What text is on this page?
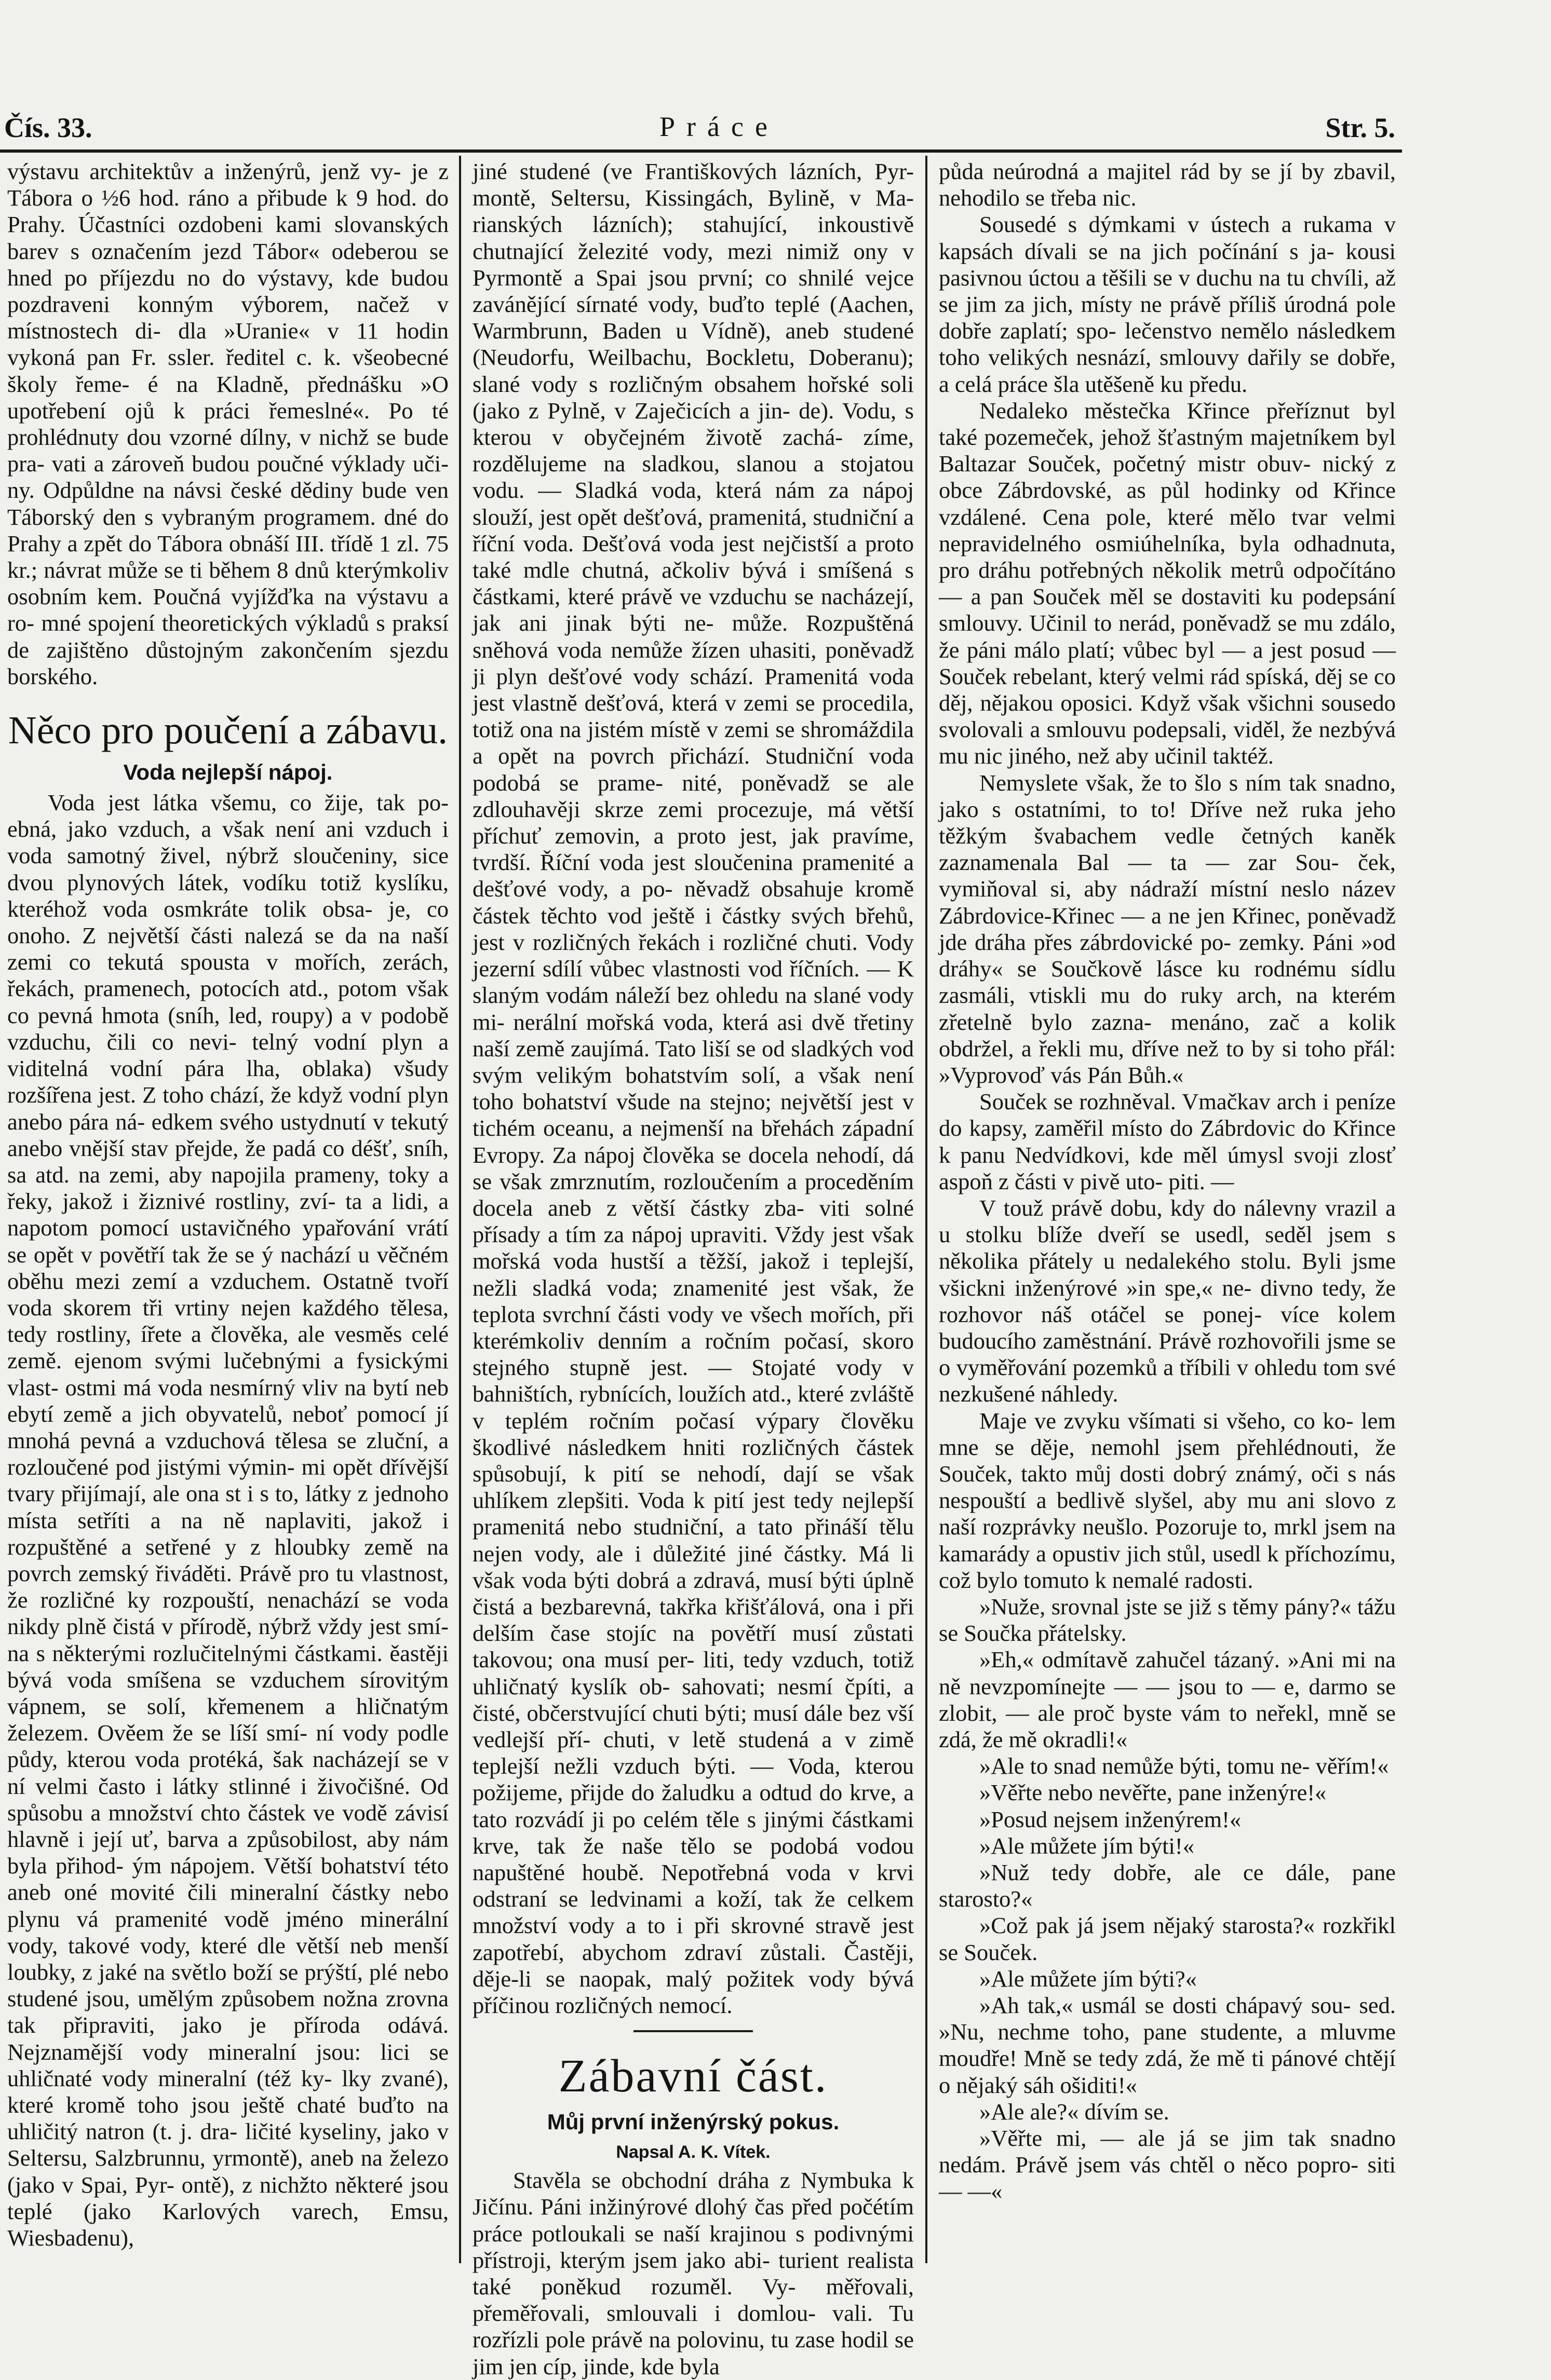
Čís. 33.	Práce	Str. 5.

výstavu architektův a inženýrů, jenž vy- je z Tábora o ½6 hod. ráno a přibude k 9 hod. do Prahy. Účastníci ozdobeni kami slovanských barev s označením jezd Tábor« odeberou se hned po příjezdu no do výstavy, kde budou pozdraveni konným výborem, načež v místnostech di- dla »Uranie« v 11 hodin vykoná pan Fr. ssler. ředitel c. k. všeobecné školy řeme- é na Kladně, přednášku »O upotřebení ojů k práci řemeslné«. Po té prohlédnuty dou vzorné dílny, v nichž se bude pra- vati a zároveň budou poučné výklady uči- ny. Odpůldne na návsi české dědiny bude ven Táborský den s vybraným programem. dné do Prahy a zpět do Tábora obnáší III. třídě 1 zl. 75 kr.; návrat může se ti během 8 dnů kterýmkoliv osobním kem. Poučná vyjížďka na výstavu a ro- mné spojení theoretických výkladů s praksí de zajištěno důstojným zakončením sjezdu borského.

Něco pro poučení a zábavu.
Voda nejlepší nápoj.

Voda jest látka všemu, co žije, tak po- ebná, jako vzduch, a však není ani vzduch i voda samotný živel, nýbrž sloučeniny, sice dvou plynových látek, vodíku totiž kyslíku, kteréhož voda osmkráte tolik obsa- je, co onoho. Z největší části nalezá se da na naší zemi co tekutá spousta v mořích, zerách, řekách, pramenech, potocích atd., potom však co pevná hmota (sníh, led, roupy) a v podobě vzduchu, čili co nevi- telný vodní plyn a viditelná vodní pára lha, oblaka) všudy rozšířena jest. Z toho chází, že když vodní plyn anebo pára ná- edkem svého ustydnutí v tekutý anebo vnější stav přejde, že padá co déšť, sníh, sa atd. na zemi, aby napojila prameny, toky a řeky, jakož i žiznivé rostliny, zví- ta a lidi, a napotom pomocí ustavičného ypařování vrátí se opět v povětří tak že se ý nachází u věčném oběhu mezi zemí a vzduchem. Ostatně tvoří voda skorem tři vrtiny nejen každého tělesa, tedy rostliny, ířete a člověka, ale vesměs celé země. ejenom svými lučebnými a fysickými vlast- ostmi má voda nesmírný vliv na bytí neb ebytí země a jich obyvatelů, neboť pomocí jí mnohá pevná a vzduchová tělesa se zluční, a rozloučené pod jistými výmin- mi opět dřívější tvary přijímají, ale ona st i s to, látky z jednoho místa setříti a na ně naplaviti, jakož i rozpuštěné a setřené y z hloubky země na povrch zemský řiváděti. Právě pro tu vlastnost, že rozličné ky rozpouští, nenachází se voda nikdy plně čistá v přírodě, nýbrž vždy jest smí- na s některými rozlučitelnými částkami. ěastěji bývá voda smíšena se vzduchem sírovitým vápnem, se solí, křemenem a hličnatým železem. Ověem že se líší smí- ní vody podle půdy, kterou voda protéká, šak nacházejí se v ní velmi často i látky stlinné i živočišné. Od spůsobu a množství chto částek ve vodě závisí hlavně i její uť, barva a způsobilost, aby nám byla přihod- ým nápojem. Větší bohatství této aneb oné movité čili mineralní částky nebo plynu vá pramenité vodě jméno minerální vody, takové vody, které dle větší neb menší loubky, z jaké na světlo boží se prýští, plé nebo studené jsou, umělým způsobem nožna zrovna tak připraviti, jako je příroda odává. Nejznamější vody mineralní jsou: lici se uhličnaté vody mineralní (též ky- lky zvané), které kromě toho jsou ještě chaté buďto na uhličitý natron (t. j. dra- ličité kyseliny, jako v Seltersu, Salzbrunnu, yrmontě), aneb na železo (jako v Spai, Pyr- ontě), z nichžto některé jsou teplé (jako Karlových varech, Emsu, Wiesbadenu),

jiné studené (ve Františkových lázních, Pyr- montě, Seltersu, Kissingách, Bylině, v Ma- rianských lázních); stahující, inkoustivě chutnající železité vody, mezi nimiž ony v Pyrmontě a Spai jsou první; co shnilé vejce zavánějící sírnaté vody, buďto teplé (Aachen, Warmbrunn, Baden u Vídně), aneb studené (Neudorfu, Weilbachu, Bockletu, Doberanu); slané vody s rozličným obsahem hořské soli (jako z Pylně, v Zaječicích a jin- de). Vodu, s kterou v obyčejném životě zachá- zíme, rozdělujeme na sladkou, slanou a stojatou vodu. — Sladká voda, která nám za nápoj slouží, jest opět dešťová, pramenitá, studniční a říční voda. Dešťová voda jest nejčistší a proto také mdle chutná, ačkoliv bývá i smíšená s částkami, které právě ve vzduchu se nacházejí, jak ani jinak býti ne- může. Rozpuštěná sněhová voda nemůže žízen uhasiti, poněvadž ji plyn dešťové vody schází. Pramenitá voda jest vlastně dešťová, která v zemi se procedila, totiž ona na jistém místě v zemi se shromáždila a opět na povrch přichází. Studniční voda podobá se prame- nité, poněvadž se ale zdlouhavěji skrze zemi procezuje, má větší příchuť zemovin, a proto jest, jak pravíme, tvrdší. Říční voda jest sloučenina pramenité a dešťové vody, a po- něvadž obsahuje kromě částek těchto vod ještě i částky svých břehů, jest v rozličných řekách i rozličné chuti. Vody jezerní sdílí vůbec vlastnosti vod říčních. — K slaným vodám náleží bez ohledu na slané vody mi- nerální mořská voda, která asi dvě třetiny naší země zaujímá. Tato liší se od sladkých vod svým velikým bohatstvím solí, a však není toho bohatství všude na stejno; největší jest v tichém oceanu, a nejmenší na břehách západní Evropy. Za nápoj člověka se docela nehodí, dá se však zmrznutím, rozloučením a proceděním docela aneb z větší částky zba- viti solné přísady a tím za nápoj upraviti. Vždy jest však mořská voda hustší a těžší, jakož i teplejší, nežli sladká voda; znamenité jest však, že teplota svrchní části vody ve všech mořích, při kterémkoliv denním a ročním počasí, skoro stejného stupně jest. — Stojaté vody v bahništích, rybnících, loužích atd., které zvláště v teplém ročním počasí výpary člověku škodlivé následkem hniti rozličných částek spůsobují, k pití se nehodí, dají se však uhlíkem zlepšiti. Voda k pití jest tedy nejlepší pramenitá nebo studniční, a tato přináší tělu nejen vody, ale i důležité jiné částky. Má li však voda býti dobrá a zdravá, musí býti úplně čistá a bezbarevná, takřka křišťálová, ona i při delším čase stojíc na povětří musí zůstati takovou; ona musí per- liti, tedy vzduch, totiž uhličnatý kyslík ob- sahovati; nesmí čpíti, a čisté, občerstvující chuti býti; musí dále bez vší vedlejší pří- chuti, v letě studená a v zimě teplejší nežli vzduch býti. — Voda, kterou požijeme, přijde do žaludku a odtud do krve, a tato rozvádí ji po celém těle s jinými částkami krve, tak že naše tělo se podobá vodou napuštěné houbě. Nepotřebná voda v krvi odstraní se ledvinami a koží, tak že celkem množství vody a to i při skrovné stravě jest zapotřebí, abychom zdraví zůstali. Častěji, děje-li se naopak, malý požitek vody bývá příčinou rozličných nemocí.

Zábavní část.
Můj první inženýrský pokus.
Napsal A. K. Vítek.

Stavěla se obchodní dráha z Nymbuka k Jičínu. Páni inžinýrové dlohý čas před počétím práce potloukali se naší krajinou s podivnými přístroji, kterým jsem jako abi- turient realista také poněkud rozuměl. Vy- měřovali, přeměřovali, smlouvali i domlou- vali. Tu rozřízli pole právě na polovinu, tu zase hodil se jim jen cíp, jinde, kde byla

půda neúrodná a majitel rád by se jí by zbavil, nehodilo se třeba nic.

Sousedé s dýmkami v ústech a rukama v kapsách dívali se na jich počínání s ja- kousi pasivnou úctou a těšili se v duchu na tu chvíli, až se jim za jich, místy ne právě příliš úrodná pole dobře zaplatí; spo- lečenstvo nemělo následkem toho velikých nesnází, smlouvy dařily se dobře, a celá práce šla utěšeně ku předu.

Nedaleko městečka Křince přeříznut byl také pozemeček, jehož šťastným majetníkem byl Baltazar Souček, početný mistr obuv- nický z obce Zábrdovské, as půl hodinky od Křince vzdálené. Cena pole, které mělo tvar velmi nepravidelného osmiúhelníka, byla odhadnuta, pro dráhu potřebných několik metrů odpočítáno — a pan Souček měl se dostaviti ku podepsání smlouvy. Učinil to nerád, poněvadž se mu zdálo, že páni málo platí; vůbec byl — a jest posud — Souček rebelant, který velmi rád spíská, děj se co děj, nějakou oposici. Když však všichni sousedo svolovali a smlouvu podepsali, viděl, že nezbývá mu nic jiného, než aby učinil taktéž.

Nemyslete však, že to šlo s ním tak snadno, jako s ostatními, to to! Dříve než ruka jeho těžkým švabachem vedle četných kaněk zaznamenala Bal — ta — zar Sou- ček, vymiňoval si, aby nádraží místní neslo název Zábrdovice-Křinec — a ne jen Křinec, poněvadž jde dráha přes zábrdovické po- zemky. Páni »od dráhy« se Součkově lásce ku rodnému sídlu zasmáli, vtiskli mu do ruky arch, na kterém zřetelně bylo zazna- menáno, zač a kolik obdržel, a řekli mu, dříve než to by si toho přál: »Vyprovoď vás Pán Bůh.«

Souček se rozhněval. Vmačkav arch i peníze do kapsy, zaměřil místo do Zábrdovic do Křince k panu Nedvídkovi, kde měl úmysl svoji zlosť aspoň z části v pivě uto- piti. —

V touž právě dobu, kdy do nálevny vrazil a u stolku blíže dveří se usedl, seděl jsem s několika přátely u nedalekého stolu. Byli jsme všickni inženýrové »in spe,« ne- divno tedy, že rozhovor náš otáčel se ponej- více kolem budoucího zaměstnání. Právě rozhovořili jsme se o vyměřování pozemků a tříbili v ohledu tom své nezkušené náhledy.

Maje ve zvyku všímati si všeho, co ko- lem mne se děje, nemohl jsem přehlédnouti, že Souček, takto můj dosti dobrý známý, oči s nás nespouští a bedlivě slyšel, aby mu ani slovo z naší rozprávky neušlo. Pozoruje to, mrkl jsem na kamarády a opustiv jich stůl, usedl k příchozímu, což bylo tomuto k nemalé radosti.

»Nuže, srovnal jste se již s těmy pány?« tážu se Součka přátelsky.

»Eh,« odmítavě zahučel tázaný. »Ani mi na ně nevzpomínejte — — jsou to — e, darmo se zlobit, — ale proč byste vám to neřekl, mně se zdá, že mě okradli!«

»Ale to snad nemůže býti, tomu ne- věřím!«

»Věřte nebo nevěřte, pane inženýre!«

»Posud nejsem inženýrem!«

»Ale můžete jím býti!«

»Nuž tedy dobře, ale ce dále, pane starosto?«

»Což pak já jsem nějaký starosta?« rozkřikl se Souček.

»Ale můžete jím býti?«

»Ah tak,« usmál se dosti chápavý sou- sed. »Nu, nechme toho, pane studente, a mluvme moudře! Mně se tedy zdá, že mě ti pánové chtějí o nějaký sáh ošiditi!«

»Ale ale?« dívím se.

»Věřte mi, — ale já se jim tak snadno nedám. Právě jsem vás chtěl o něco popro- siti — —«
